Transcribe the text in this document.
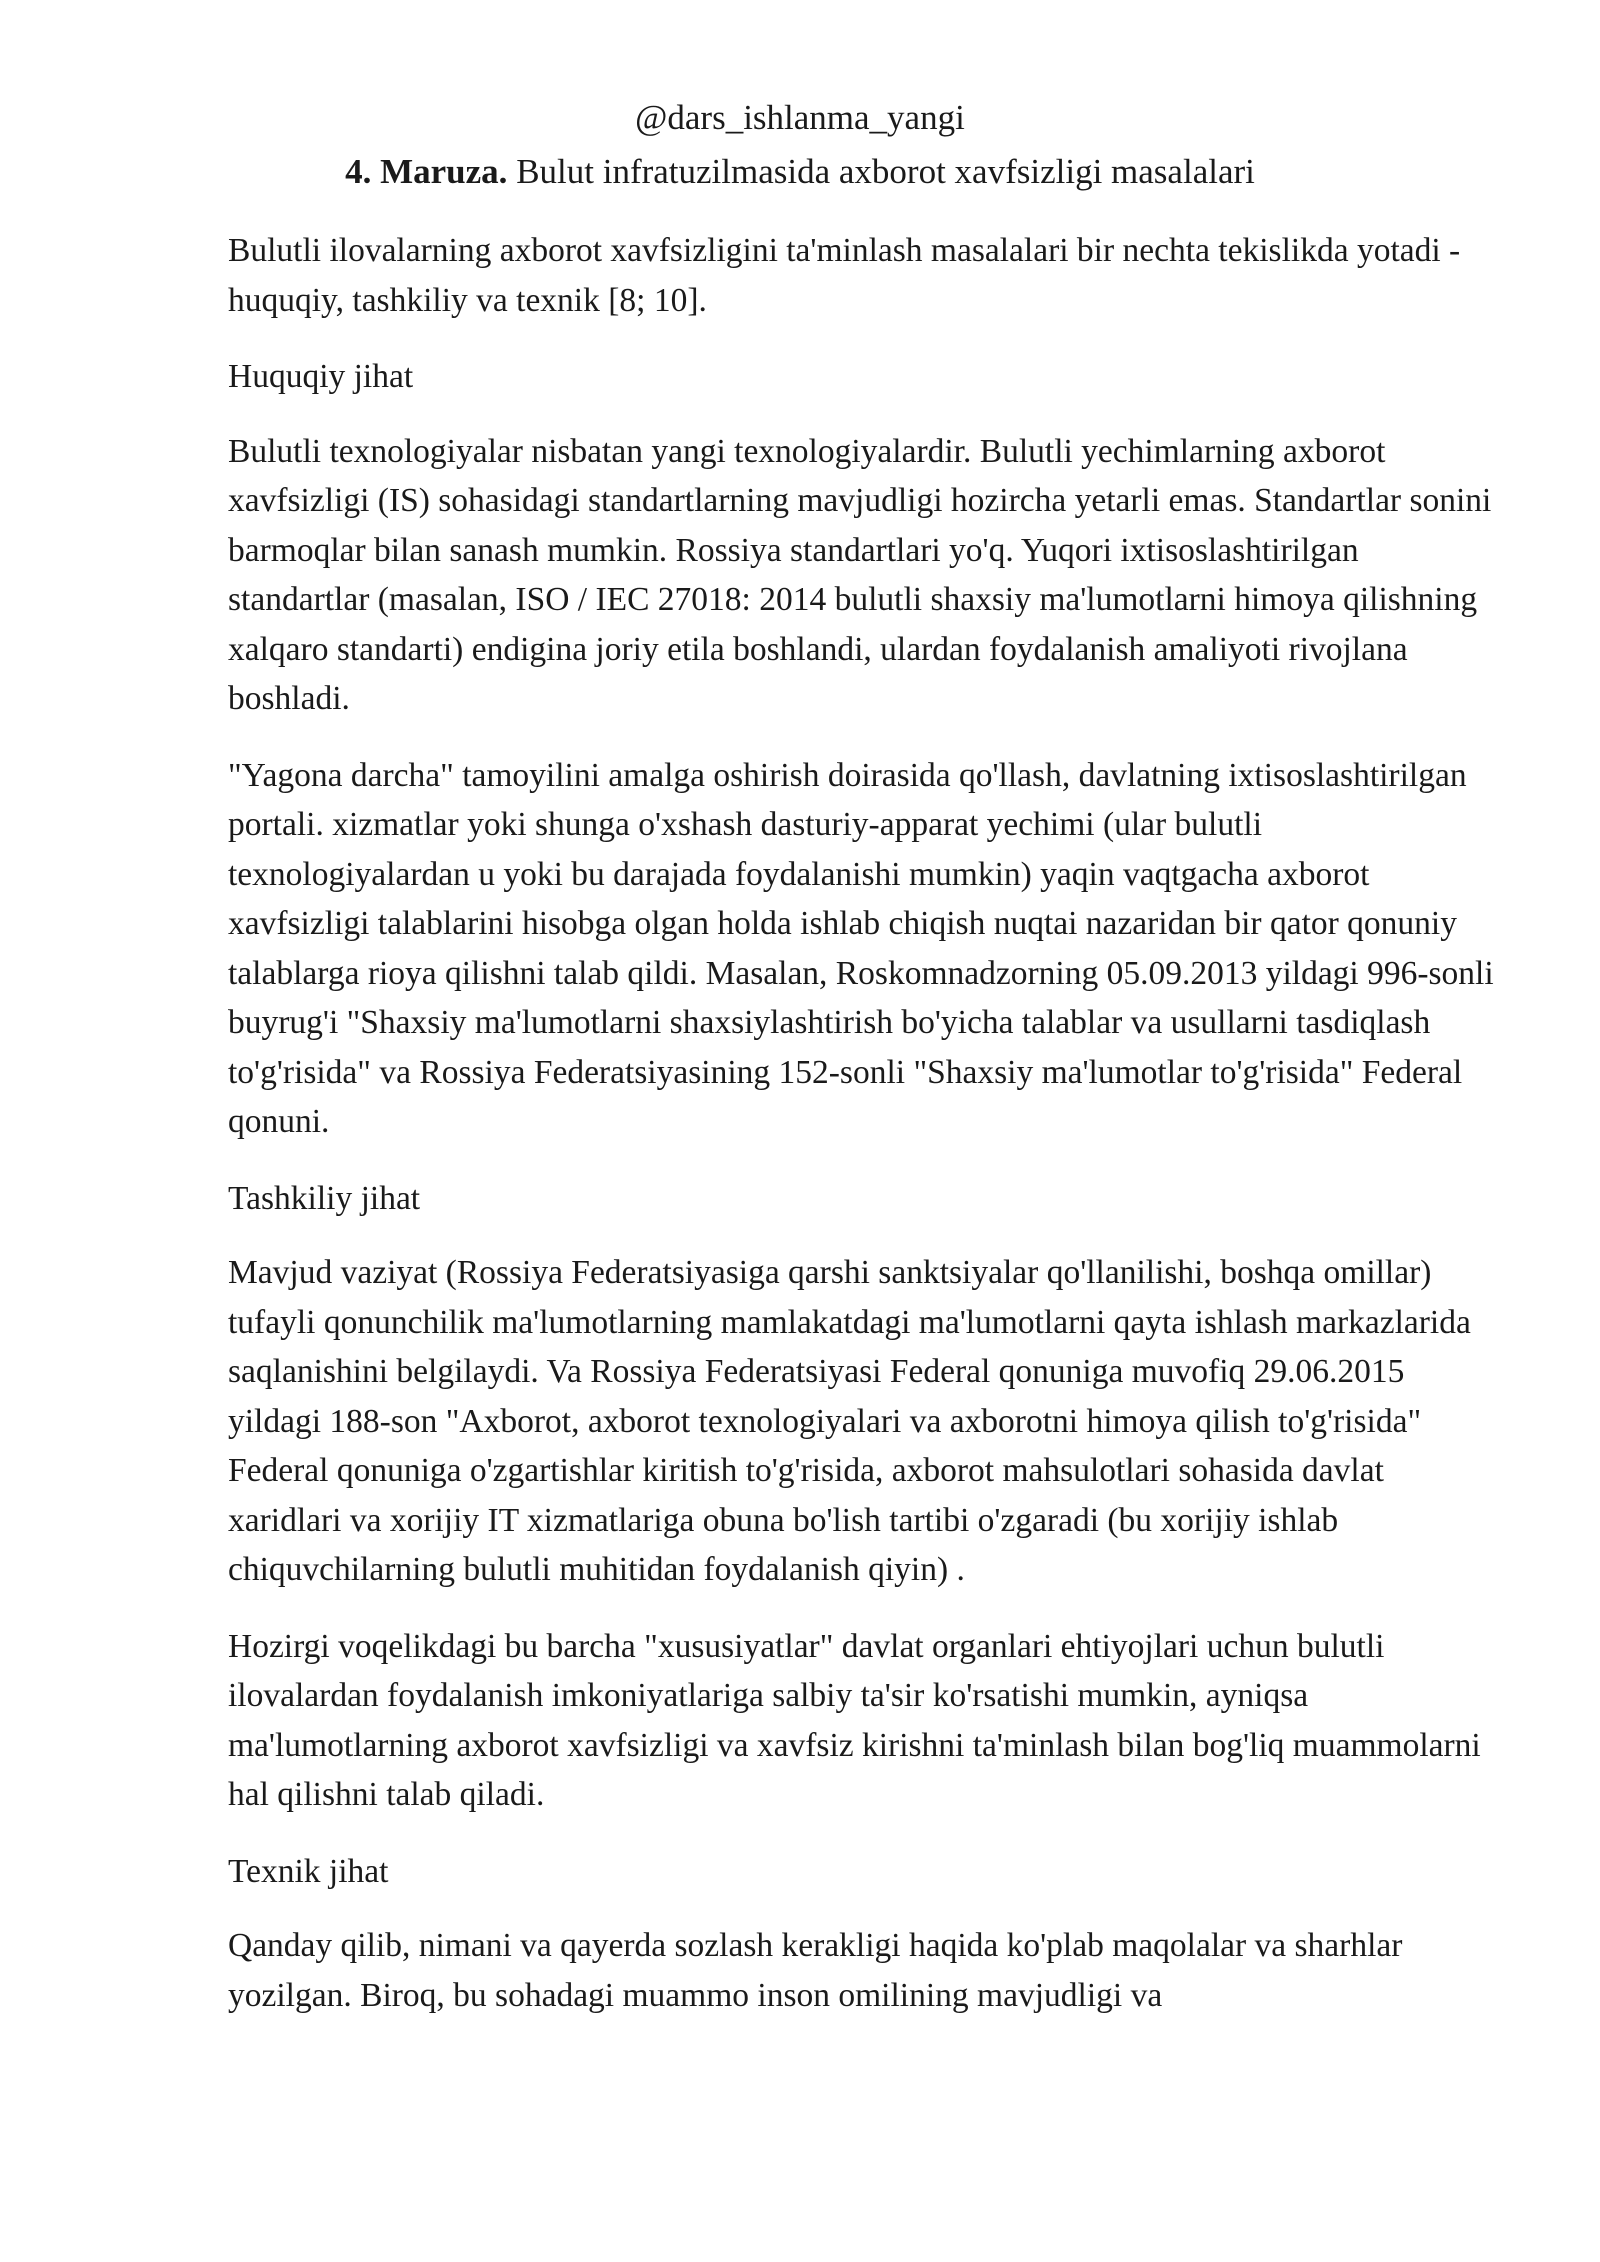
@dars_ishlanma_yangi
4. Maruza. Bulut infratuzilmasida axborot xavfsizligi masalalari

Bulutli ilovalarning axborot xavfsizligini ta'minlash masalalari bir nechta tekislikda yotadi - huquqiy, tashkiliy va texnik [8; 10].

Huquqiy jihat

Bulutli texnologiyalar nisbatan yangi texnologiyalardir. Bulutli yechimlarning axborot xavfsizligi (IS) sohasidagi standartlarning mavjudligi hozircha yetarli emas. Standartlar sonini barmoqlar bilan sanash mumkin. Rossiya standartlari yo'q. Yuqori ixtisoslashtirilgan standartlar (masalan, ISO / IEC 27018: 2014 bulutli shaxsiy ma'lumotlarni himoya qilishning xalqaro standarti) endigina joriy etila boshlandi, ulardan foydalanish amaliyoti rivojlana boshladi.

"Yagona darcha" tamoyilini amalga oshirish doirasida qo'llash, davlatning ixtisoslashtirilgan portali. xizmatlar yoki shunga o'xshash dasturiy-apparat yechimi (ular bulutli texnologiyalardan u yoki bu darajada foydalanishi mumkin) yaqin vaqtgacha axborot xavfsizligi talablarini hisobga olgan holda ishlab chiqish nuqtai nazaridan bir qator qonuniy talablarga rioya qilishni talab qildi. Masalan, Roskomnadzorning 05.09.2013 yildagi 996-sonli buyrug'i "Shaxsiy ma'lumotlarni shaxsiylashtirish bo'yicha talablar va usullarni tasdiqlash to'g'risida" va Rossiya Federatsiyasining 152-sonli "Shaxsiy ma'lumotlar to'g'risida" Federal qonuni.

Tashkiliy jihat

Mavjud vaziyat (Rossiya Federatsiyasiga qarshi sanktsiyalar qo'llanilishi, boshqa omillar) tufayli qonunchilik ma'lumotlarning mamlakatdagi ma'lumotlarni qayta ishlash markazlarida saqlanishini belgilaydi. Va Rossiya Federatsiyasi Federal qonuniga muvofiq 29.06.2015 yildagi 188-son "Axborot, axborot texnologiyalari va axborotni himoya qilish to'g'risida" Federal qonuniga o'zgartishlar kiritish to'g'risida, axborot mahsulotlari sohasida davlat xaridlari va xorijiy IT xizmatlariga obuna bo'lish tartibi o'zgaradi (bu xorijiy ishlab chiquvchilarning bulutli muhitidan foydalanish qiyin) .

Hozirgi voqelikdagi bu barcha "xususiyatlar" davlat organlari ehtiyojlari uchun bulutli ilovalardan foydalanish imkoniyatlariga salbiy ta'sir ko'rsatishi mumkin, ayniqsa ma'lumotlarning axborot xavfsizligi va xavfsiz kirishni ta'minlash bilan bog'liq muammolarni hal qilishni talab qiladi.

Texnik jihat

Qanday qilib, nimani va qayerda sozlash kerakligi haqida ko'plab maqolalar va sharhlar yozilgan. Biroq, bu sohadagi muammo inson omilining mavjudligi va
